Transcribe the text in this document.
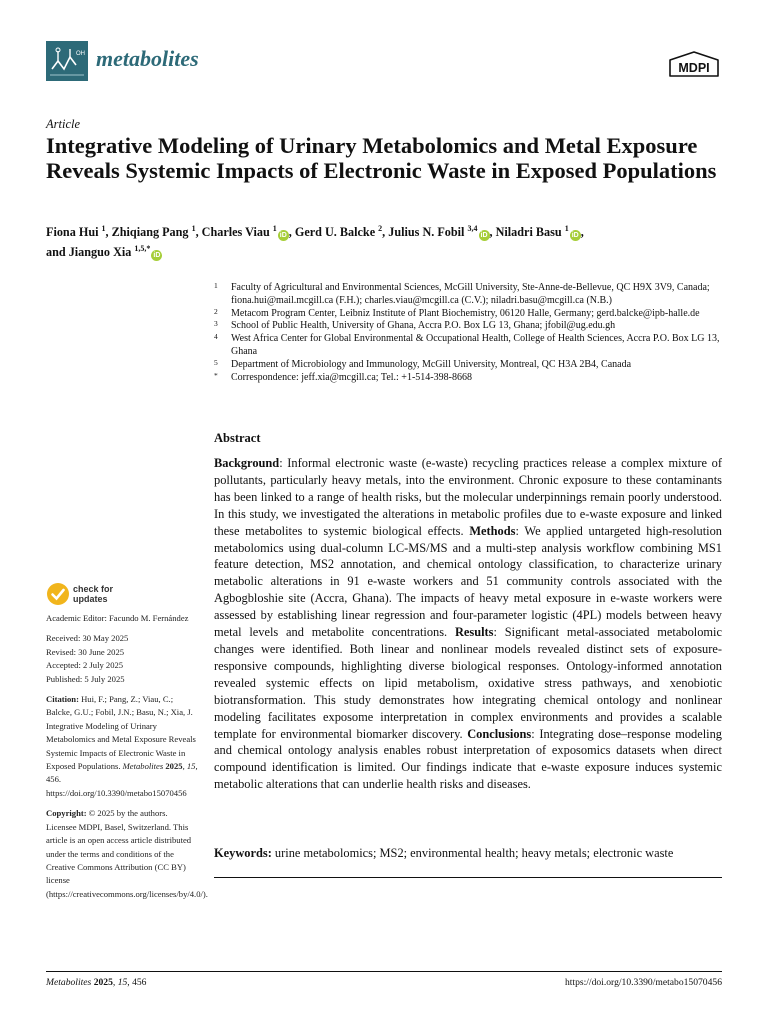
OH metabolites	MDPI
Article
Integrative Modeling of Urinary Metabolomics and Metal Exposure Reveals Systemic Impacts of Electronic Waste in Exposed Populations
Fiona Hui $^1$, Zhiqiang Pang $^1$, Charles Viau $^1$iD , Gerd U. Balcke $^2$, Julius N. Fobil $^{3,4}$iD , Niladri Basu $^1$iD ,
and Jianguo Xia $^{1,5,*}$iD
1 Faculty of Agricultural and Environmental Sciences, McGill University, Ste-Anne-de-Bellevue, QC H9X 3V9, Canada; fiona.hui@mail.mcgill.ca (F.H.); charles.viau@mcgill.ca (C.V.); niladri.basu@mcgill.ca (N.B.)
2 Metacom Program Center, Leibniz Institute of Plant Biochemistry, 06120 Halle, Germany; gerd.balcke@ipb-halle.de
3 School of Public Health, University of Ghana, Accra P.O. Box LG 13, Ghana; jfobil@ug.edu.gh
4 West Africa Center for Global Environmental & Occupational Health, College of Health Sciences, Accra P.O. Box LG 13, Ghana
5 Department of Microbiology and Immunology, McGill University, Montreal, QC H3A 2B4, Canada
* Correspondence: jeff.xia@mcgill.ca; Tel.: +1-514-398-8668
Abstract
Background: Informal electronic waste (e-waste) recycling practices release a complex mixture of pollutants, particularly heavy metals, into the environment. Chronic exposure to these contaminants has been linked to a range of health risks, but the molecular underpinnings remain poorly understood. In this study, we investigated the alterations in metabolic profiles due to e-waste exposure and linked these metabolites to systemic biological effects. Methods: We applied untargeted high-resolution metabolomics using dual-column LC-MS/MS and a multi-step analysis workflow combining MS1 feature detection, MS2 annotation, and chemical ontology classification, to characterize urinary metabolic alterations in 91 e-waste workers and 51 community controls associated with the Agbogbloshie site (Accra, Ghana). The impacts of heavy metal exposure in e-waste workers were assessed by establishing linear regression and four-parameter logistic (4PL) models between heavy metal levels and metabolite concentrations. Results: Significant metal-associated metabolomic changes were identified. Both linear and nonlinear models revealed distinct sets of exposure-responsive compounds, highlighting diverse biological responses. Ontology-informed annotation revealed systemic effects on lipid metabolism, oxidative stress pathways, and xenobiotic biotransformation. This study demonstrates how integrating chemical ontology and nonlinear modeling facilitates exposome interpretation in complex environments and provides a scalable template for environmental biomarker discovery. Conclusions: Integrating dose–response modeling and chemical ontology analysis enables robust interpretation of exposomics datasets when direct compound identification is limited. Our findings indicate that e-waste exposure induces systemic metabolic alterations that can underlie health risks and diseases.
Keywords: urine metabolomics; MS2; environmental health; heavy metals; electronic waste
check for
updates
Academic Editor: Facundo M. Fernández
Received: 30 May 2025
Revised: 30 June 2025
Accepted: 2 July 2025
Published: 5 July 2025
Citation: Hui, F.; Pang, Z.; Viau, C.; Balcke, G.U.; Fobil, J.N.; Basu, N.; Xia, J. Integrative Modeling of Urinary Metabolomics and Metal Exposure Reveals Systemic Impacts of Electronic Waste in Exposed Populations. Metabolites 2025, 15, 456. https://doi.org/10.3390/metabo15070456
Copyright: © 2025 by the authors. Licensee MDPI, Basel, Switzerland. This article is an open access article distributed under the terms and conditions of the Creative Commons Attribution (CC BY) license (https://creativecommons.org/licenses/by/4.0/).
Metabolites 2025, 15, 456	https://doi.org/10.3390/metabo15070456
